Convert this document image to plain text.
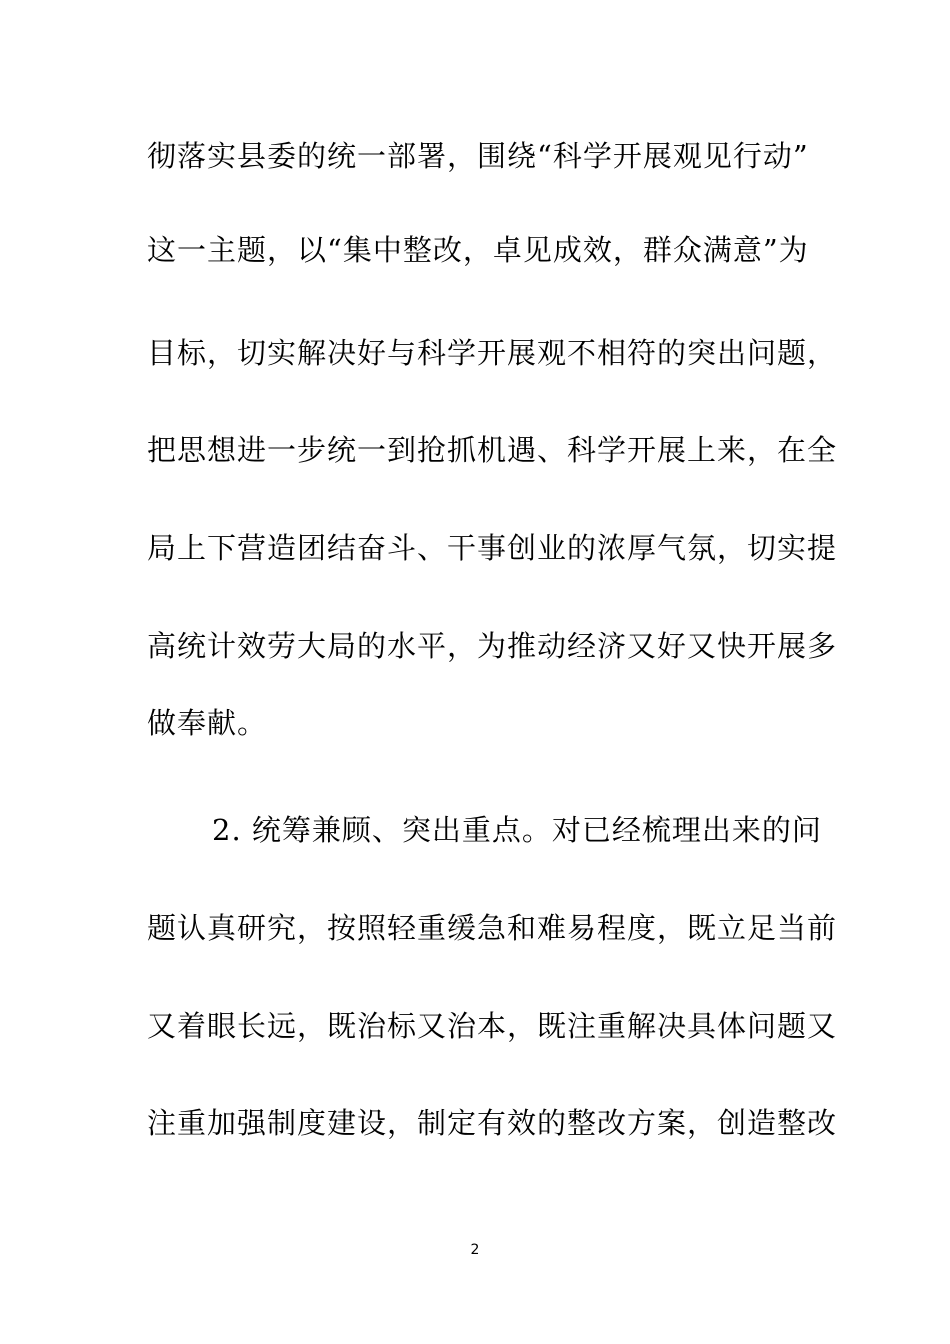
彻落实县委的统一部署，围绕“科学开展观见行动”
这一主题，以“集中整改，卓见成效，群众满意”为
目标，切实解决好与科学开展观不相符的突出问题，
把思想进一步统一到抢抓机遇、科学开展上来，在全
局上下营造团结奋斗、干事创业的浓厚气氛，切实提
高统计效劳大局的水平，为推动经济又好又快开展多
做奉献。
2. 统筹兼顾、突出重点。对已经梳理出来的问
题认真研究，按照轻重缓急和难易程度，既立足当前
又着眼长远，既治标又治本，既注重解决具体问题又
注重加强制度建设，制定有效的整改方案，创造整改
2
